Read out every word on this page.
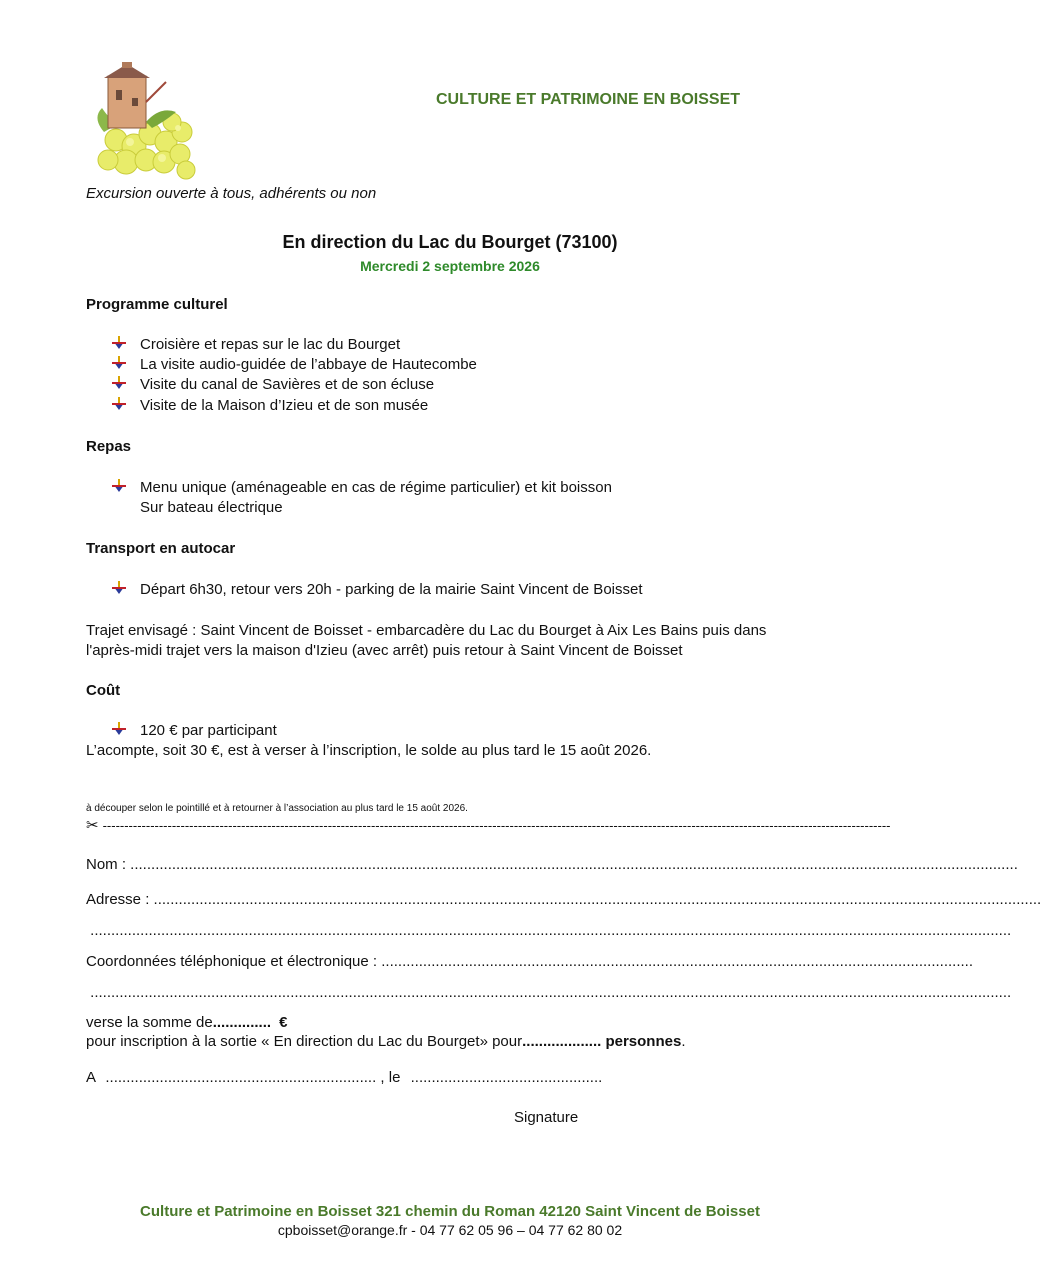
CULTURE ET PATRIMOINE EN BOISSET
Excursion ouverte à tous, adhérents ou non
En direction du Lac du Bourget (73100)
Mercredi 2 septembre 2026
Programme culturel
Croisière et repas sur le lac du Bourget
La visite audio-guidée de l’abbaye de Hautecombe
Visite du canal de Savières et de son écluse
Visite de la Maison d’Izieu et de son musée
Repas
Menu unique (aménageable en cas de régime particulier) et kit boisson
Sur bateau électrique
Transport en autocar
Départ 6h30, retour vers 20h - parking de la mairie Saint Vincent de Boisset
Trajet envisagé : Saint Vincent de Boisset - embarcadère du Lac du Bourget à Aix Les Bains puis dans l'après-midi trajet vers la maison d'Izieu (avec arrêt) puis retour à Saint Vincent de Boisset
Coût
120 € par participant
L’acompte, soit 30 €, est à verser à l’inscription, le solde au plus tard le 15 août 2026.
à découper selon le pointillé et à retourner à l’association au plus tard le 15 août 2026.
✂ --------------------------------------------------------------------------------------------------------------------------------------------------------------------------------------
Nom : .....................................................................................................................................................................................................................
Adresse : .....................................................................................................................................................................................................................
.............................................................................................................................................................................................................................
Coordonnées téléphonique et électronique : ..............................................................................................................................................
.............................................................................................................................................................................................................................
verse la somme de .............. €
pour inscription à la sortie « En direction du Lac du Bourget» pour ................... personnes .
A ................................................................. , le ..............................................
Signature
Culture et Patrimoine en Boisset 321 chemin du Roman 42120 Saint Vincent de Boisset
cpboisset@orange.fr - 04 77 62 05 96 – 04 77 62 80 02
